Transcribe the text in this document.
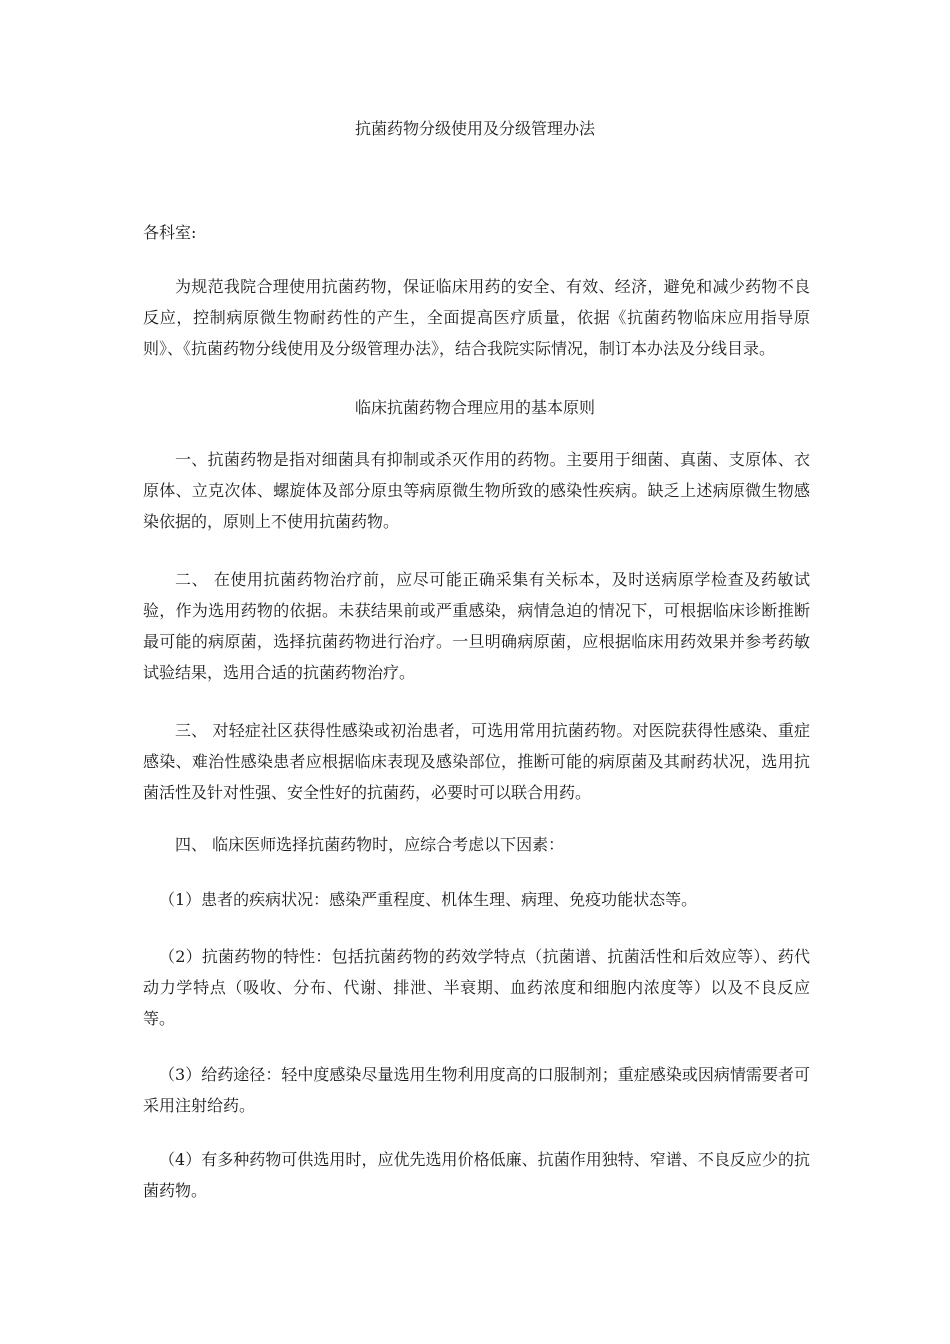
抗菌药物分级使用及分级管理办法

各科室:

为规范我院合理使用抗菌药物，保证临床用药的安全、有效、经济，避免和减少药物不良反应，控制病原微生物耐药性的产生，全面提高医疗质量，依据《抗菌药物临床应用指导原则》、《抗菌药物分线使用及分级管理办法》，结合我院实际情况，制订本办法及分线目录。

临床抗菌药物合理应用的基本原则

一、抗菌药物是指对细菌具有抑制或杀灭作用的药物。主要用于细菌、真菌、支原体、衣原体、立克次体、螺旋体及部分原虫等病原微生物所致的感染性疾病。缺乏上述病原微生物感染依据的，原则上不使用抗菌药物。

二、 在使用抗菌药物治疗前，应尽可能正确采集有关标本，及时送病原学检查及药敏试验，作为选用药物的依据。未获结果前或严重感染，病情急迫的情况下，可根据临床诊断推断最可能的病原菌，选择抗菌药物进行治疗。一旦明确病原菌，应根据临床用药效果并参考药敏试验结果，选用合适的抗菌药物治疗。

三、 对轻症社区获得性感染或初治患者，可选用常用抗菌药物。对医院获得性感染、重症感染、难治性感染患者应根据临床表现及感染部位，推断可能的病原菌及其耐药状况，选用抗菌活性及针对性强、安全性好的抗菌药，必要时可以联合用药。

四、 临床医师选择抗菌药物时，应综合考虑以下因素：

（1）患者的疾病状况：感染严重程度、机体生理、病理、免疫功能状态等。

（2）抗菌药物的特性：包括抗菌药物的药效学特点（抗菌谱、抗菌活性和后效应等）、药代动力学特点（吸收、分布、代谢、排泄、半衰期、血药浓度和细胞内浓度等）以及不良反应等。

（3）给药途径：轻中度感染尽量选用生物利用度高的口服制剂；重症感染或因病情需要者可采用注射给药。

（4）有多种药物可供选用时，应优先选用价格低廉、抗菌作用独特、窄谱、不良反应少的抗菌药物。
